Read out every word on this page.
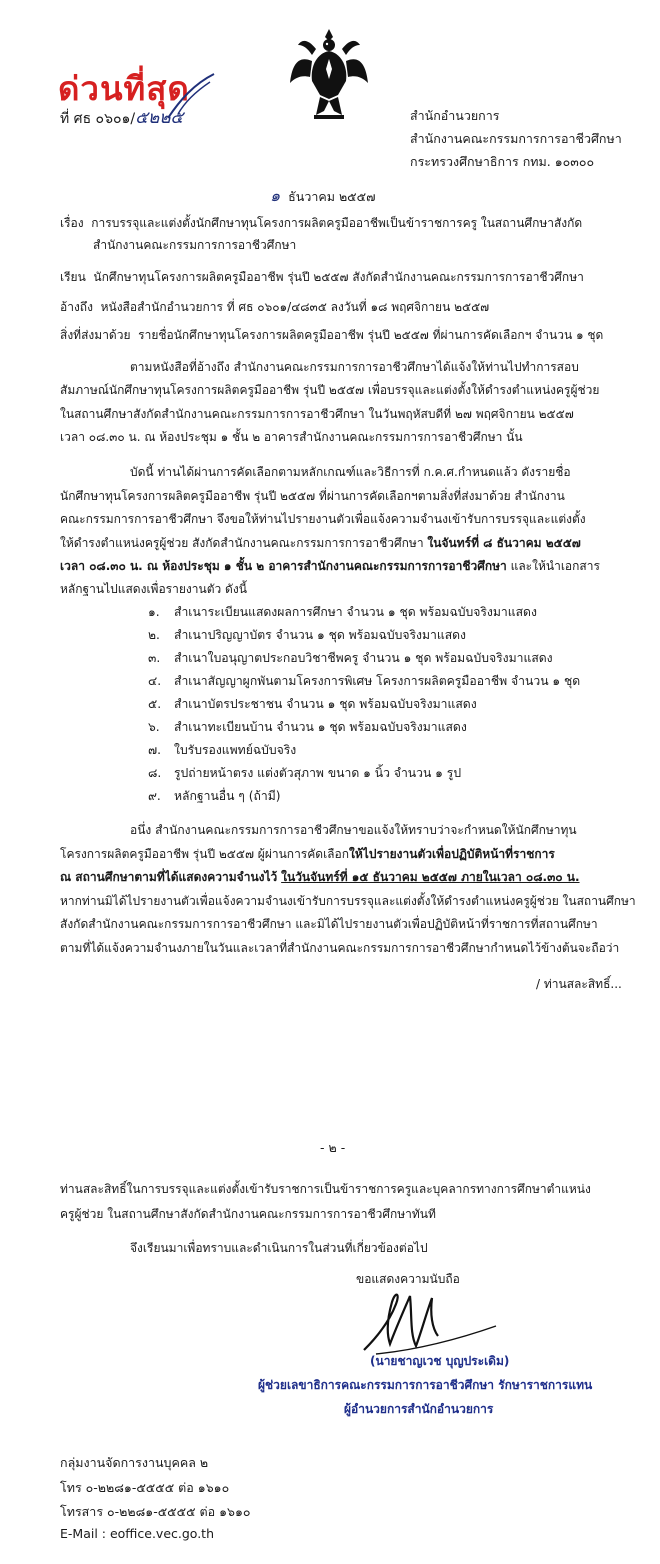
ด่วนที่สุด
ที่ ศธ ๐๖๐๑/๕๒๒๕	สำนักอำนวยการ
สำนักงานคณะกรรมการการอาชีวศึกษา
กระทรวงศึกษาธิการ กทม. ๑๐๓๐๐
๑ ธันวาคม ๒๕๕๗
เรื่อง การบรรจุและแต่งตั้งนักศึกษาทุนโครงการผลิตครูมืออาชีพเป็นข้าราชการครู ในสถานศึกษาสังกัด
สำนักงานคณะกรรมการการอาชีวศึกษา
เรียน นักศึกษาทุนโครงการผลิตครูมืออาชีพ รุ่นปี ๒๕๕๗ สังกัดสำนักงานคณะกรรมการการอาชีวศึกษา
อ้างถึง หนังสือสำนักอำนวยการ ที่ ศธ ๐๖๐๑/๔๘๓๕ ลงวันที่ ๑๘ พฤศจิกายน ๒๕๕๗
สิ่งที่ส่งมาด้วย รายชื่อนักศึกษาทุนโครงการผลิตครูมืออาชีพ รุ่นปี ๒๕๕๗ ที่ผ่านการคัดเลือกฯ จำนวน ๑ ชุด
ตามหนังสือที่อ้างถึง สำนักงานคณะกรรมการการอาชีวศึกษาได้แจ้งให้ท่านไปทำการสอบ
สัมภาษณ์นักศึกษาทุนโครงการผลิตครูมืออาชีพ รุ่นปี ๒๕๕๗ เพื่อบรรจุและแต่งตั้งให้ดำรงตำแหน่งครูผู้ช่วย
ในสถานศึกษาสังกัดสำนักงานคณะกรรมการการอาชีวศึกษา ในวันพฤหัสบดีที่ ๒๗ พฤศจิกายน ๒๕๕๗
เวลา ๐๘.๓๐ น. ณ ห้องประชุม ๑ ชั้น ๒ อาคารสำนักงานคณะกรรมการการอาชีวศึกษา นั้น
บัดนี้ ท่านได้ผ่านการคัดเลือกตามหลักเกณฑ์และวิธีการที่ ก.ค.ศ.กำหนดแล้ว ดังรายชื่อ
นักศึกษาทุนโครงการผลิตครูมืออาชีพ รุ่นปี ๒๕๕๗ ที่ผ่านการคัดเลือกฯตามสิ่งที่ส่งมาด้วย สำนักงาน
คณะกรรมการการอาชีวศึกษา จึงขอให้ท่านไปรายงานตัวเพื่อแจ้งความจำนงเข้ารับการบรรจุและแต่งตั้ง
ให้ดำรงตำแหน่งครูผู้ช่วย สังกัดสำนักงานคณะกรรมการการอาชีวศึกษา ในจันทร์ที่ ๘ ธันวาคม ๒๕๕๗
เวลา ๐๘.๓๐ น. ณ ห้องประชุม ๑ ชั้น ๒ อาคารสำนักงานคณะกรรมการการอาชีวศึกษา และให้นำเอกสาร
หลักฐานไปแสดงเพื่อรายงานตัว ดังนี้
๑. สำเนาระเบียนแสดงผลการศึกษา จำนวน ๑ ชุด พร้อมฉบับจริงมาแสดง
๒. สำเนาปริญญาบัตร จำนวน ๑ ชุด พร้อมฉบับจริงมาแสดง
๓. สำเนาใบอนุญาตประกอบวิชาชีพครู จำนวน ๑ ชุด พร้อมฉบับจริงมาแสดง
๔. สำเนาสัญญาผูกพันตามโครงการพิเศษ โครงการผลิตครูมืออาชีพ จำนวน ๑ ชุด
๕. สำเนาบัตรประชาชน จำนวน ๑ ชุด พร้อมฉบับจริงมาแสดง
๖. สำเนาทะเบียนบ้าน จำนวน ๑ ชุด พร้อมฉบับจริงมาแสดง
๗. ใบรับรองแพทย์ฉบับจริง
๘. รูปถ่ายหน้าตรง แต่งตัวสุภาพ ขนาด ๑ นิ้ว จำนวน ๑ รูป
๙. หลักฐานอื่น ๆ (ถ้ามี)
อนึ่ง สำนักงานคณะกรรมการการอาชีวศึกษาขอแจ้งให้ทราบว่าจะกำหนดให้นักศึกษาทุน
โครงการผลิตครูมืออาชีพ รุ่นปี ๒๕๕๗ ผู้ผ่านการคัดเลือกให้ไปรายงานตัวเพื่อปฏิบัติหน้าที่ราชการ
ณ สถานศึกษาตามที่ได้แสดงความจำนงไว้ ในวันจันทร์ที่ ๑๕ ธันวาคม ๒๕๕๗ ภายในเวลา ๐๘.๓๐ น.
หากท่านมิได้ไปรายงานตัวเพื่อแจ้งความจำนงเข้ารับการบรรจุและแต่งตั้งให้ดำรงตำแหน่งครูผู้ช่วย ในสถานศึกษา
สังกัดสำนักงานคณะกรรมการการอาชีวศึกษา และมิได้ไปรายงานตัวเพื่อปฏิบัติหน้าที่ราชการที่สถานศึกษา
ตามที่ได้แจ้งความจำนงภายในวันและเวลาที่สำนักงานคณะกรรมการการอาชีวศึกษากำหนดไว้ข้างต้นจะถือว่า
/ ท่านสละสิทธิ์...
- ๒ -
ท่านสละสิทธิ์ในการบรรจุและแต่งตั้งเข้ารับราชการเป็นข้าราชการครูและบุคลากรทางการศึกษาตำแหน่ง
ครูผู้ช่วย ในสถานศึกษาสังกัดสำนักงานคณะกรรมการการอาชีวศึกษาทันที
จึงเรียนมาเพื่อทราบและดำเนินการในส่วนที่เกี่ยวข้องต่อไป
ขอแสดงความนับถือ
(นายชาญเวช บุญประเดิม)
ผู้ช่วยเลขาธิการคณะกรรมการการอาชีวศึกษา รักษาราชการแทน
ผู้อำนวยการสำนักอำนวยการ
กลุ่มงานจัดการงานบุคคล ๒
โทร ๐-๒๒๘๑-๕๕๕๕ ต่อ ๑๖๑๐
โทรสาร ๐-๒๒๘๑-๕๕๕๕ ต่อ ๑๖๑๐
E-Mail : eoffice.vec.go.th
